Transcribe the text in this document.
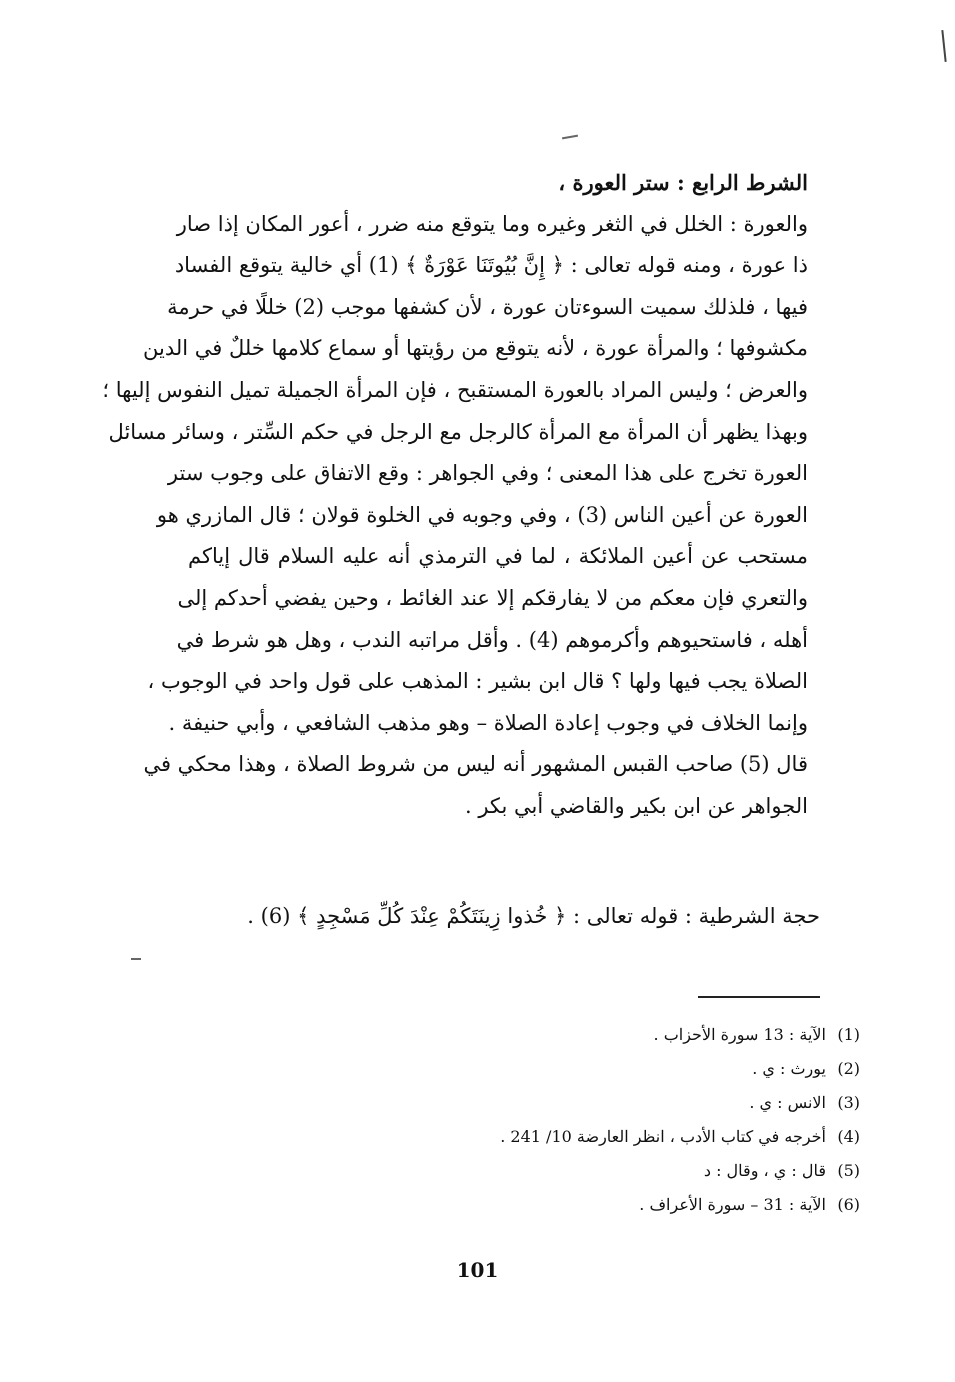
الشرط الرابع : ستر العورة ،
والعورة : الخلل في الثغر وغيره وما يتوقع منه ضرر ، أعور المكان إذا صار
ذا عورة ، ومنه قوله تعالى : ﴿ إِنَّ بُيُوتَنَا عَوْرَةٌ ﴾ (1) أي خالية يتوقع الفساد
فيها ، فلذلك سميت السوءتان عورة ، لأن كشفها موجب (2) خللًا في حرمة
مكشوفها ؛ والمرأة عورة ، لأنه يتوقع من رؤيتها أو سماع كلامها خللٌ في الدين
والعرض ؛ وليس المراد بالعورة المستقبح ، فإن المرأة الجميلة تميل النفوس إليها ؛
وبهذا يظهر أن المرأة مع المرأة كالرجل مع الرجل في حكم السِّتر ، وسائر مسائل
العورة تخرج على هذا المعنى ؛ وفي الجواهر : وقع الاتفاق على وجوب ستر
العورة عن أعين الناس (3) ، وفي وجوبه في الخلوة قولان ؛ قال المازري هو
مستحب عن أعين الملائكة ، لما في الترمذي أنه عليه السلام قال إياكم
والتعري فإن معكم من لا يفارقكم إلا عند الغائط ، وحين يفضي أحدكم إلى
أهله ، فاستحيوهم وأكرموهم (4) . وأقل مراتبه الندب ، وهل هو شرط في
الصلاة يجب فيها ولها ؟ قال ابن بشير : المذهب على قول واحد في الوجوب ،
وإنما الخلاف في وجوب إعادة الصلاة – وهو مذهب الشافعي ، وأبي حنيفة .
قال (5) صاحب القبس المشهور أنه ليس من شروط الصلاة ، وهذا محكي في
الجواهر عن ابن بكير والقاضي أبي بكر .
حجة الشرطية : قوله تعالى : ﴿ خُذوا زِينَتَكُمْ عِنْدَ كُلِّ مَسْجِدٍ ﴾ (6) .
(1)الآية : 13 سورة الأحزاب .
(2)يورث : ي .
(3)الانس : ي .
(4)أخرجه في كتاب الأدب ، انظر العارضة 10/ 241 .
(5)قال : ي ، وقال : د
(6)الآية : 31 – سورة الأعراف .
101
